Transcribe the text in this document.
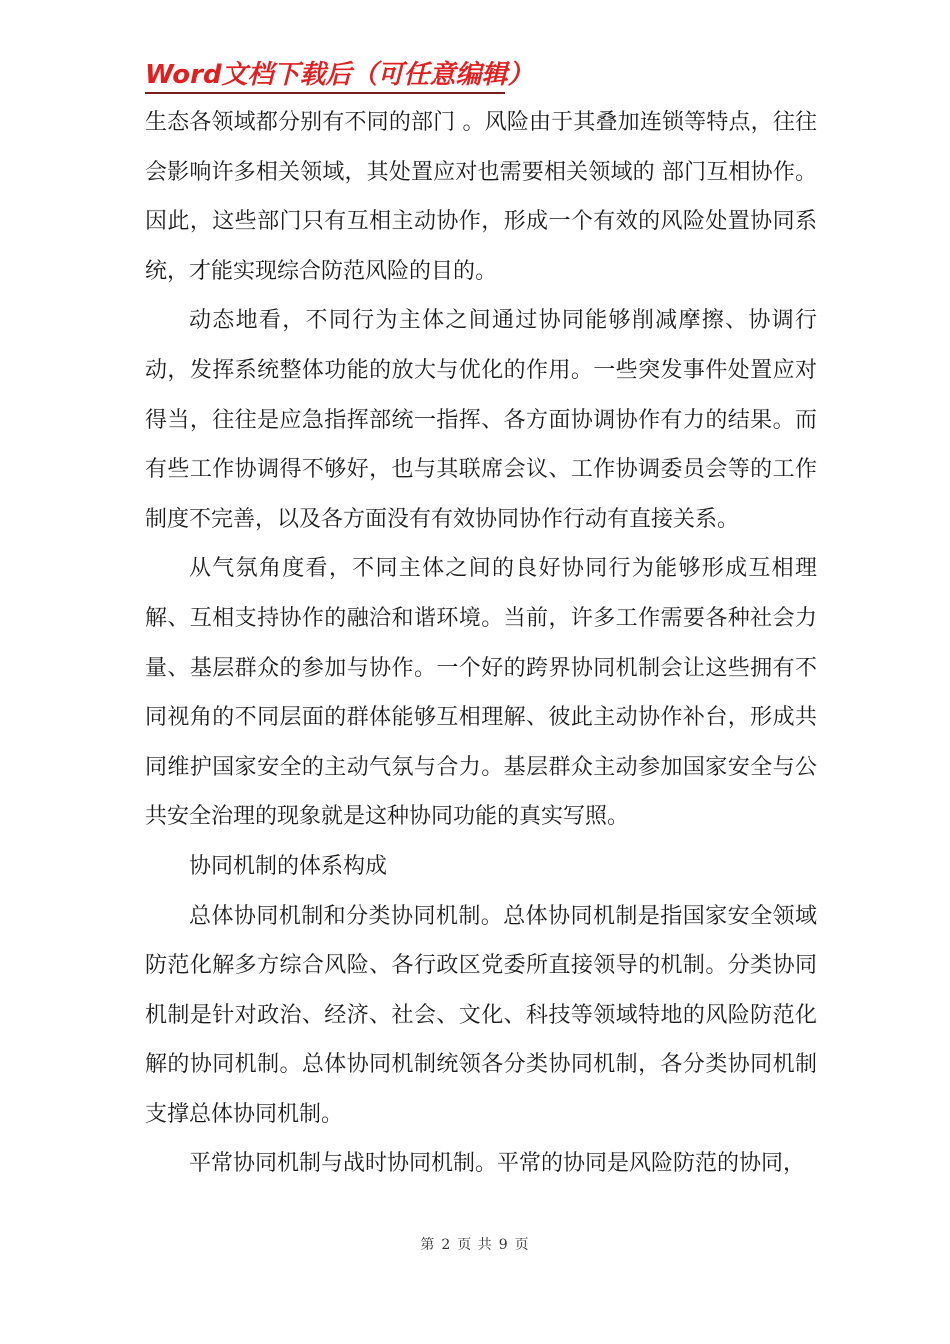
Word文档下载后（可任意编辑）

生态各领域都分别有不同的部门 。风险由于其叠加连锁等特点，往往会影响许多相关领域，其处置应对也需要相关领域的 部门互相协作。因此，这些部门只有互相主动协作，形成一个有效的风险处置协同系统，才能实现综合防范风险的目的。

动态地看，不同行为主体之间通过协同能够削减摩擦、协调行动，发挥系统整体功能的放大与优化的作用。一些突发事件处置应对得当，往往是应急指挥部统一指挥、各方面协调协作有力的结果。而有些工作协调得不够好，也与其联席会议、工作协调委员会等的工作制度不完善，以及各方面没有有效协同协作行动有直接关系。

从气氛角度看，不同主体之间的良好协同行为能够形成互相理解、互相支持协作的融洽和谐环境。当前，许多工作需要各种社会力量、基层群众的参加与协作。一个好的跨界协同机制会让这些拥有不同视角的不同层面的群体能够互相理解、彼此主动协作补台，形成共同维护国家安全的主动气氛与合力。基层群众主动参加国家安全与公共安全治理的现象就是这种协同功能的真实写照。

协同机制的体系构成

总体协同机制和分类协同机制。总体协同机制是指国家安全领域防范化解多方综合风险、各行政区党委所直接领导的机制。分类协同机制是针对政治、经济、社会、文化、科技等领域特地的风险防范化解的协同机制。总体协同机制统领各分类协同机制，各分类协同机制支撑总体协同机制。

平常协同机制与战时协同机制。平常的协同是风险防范的协同，

第 2 页 共 9 页
